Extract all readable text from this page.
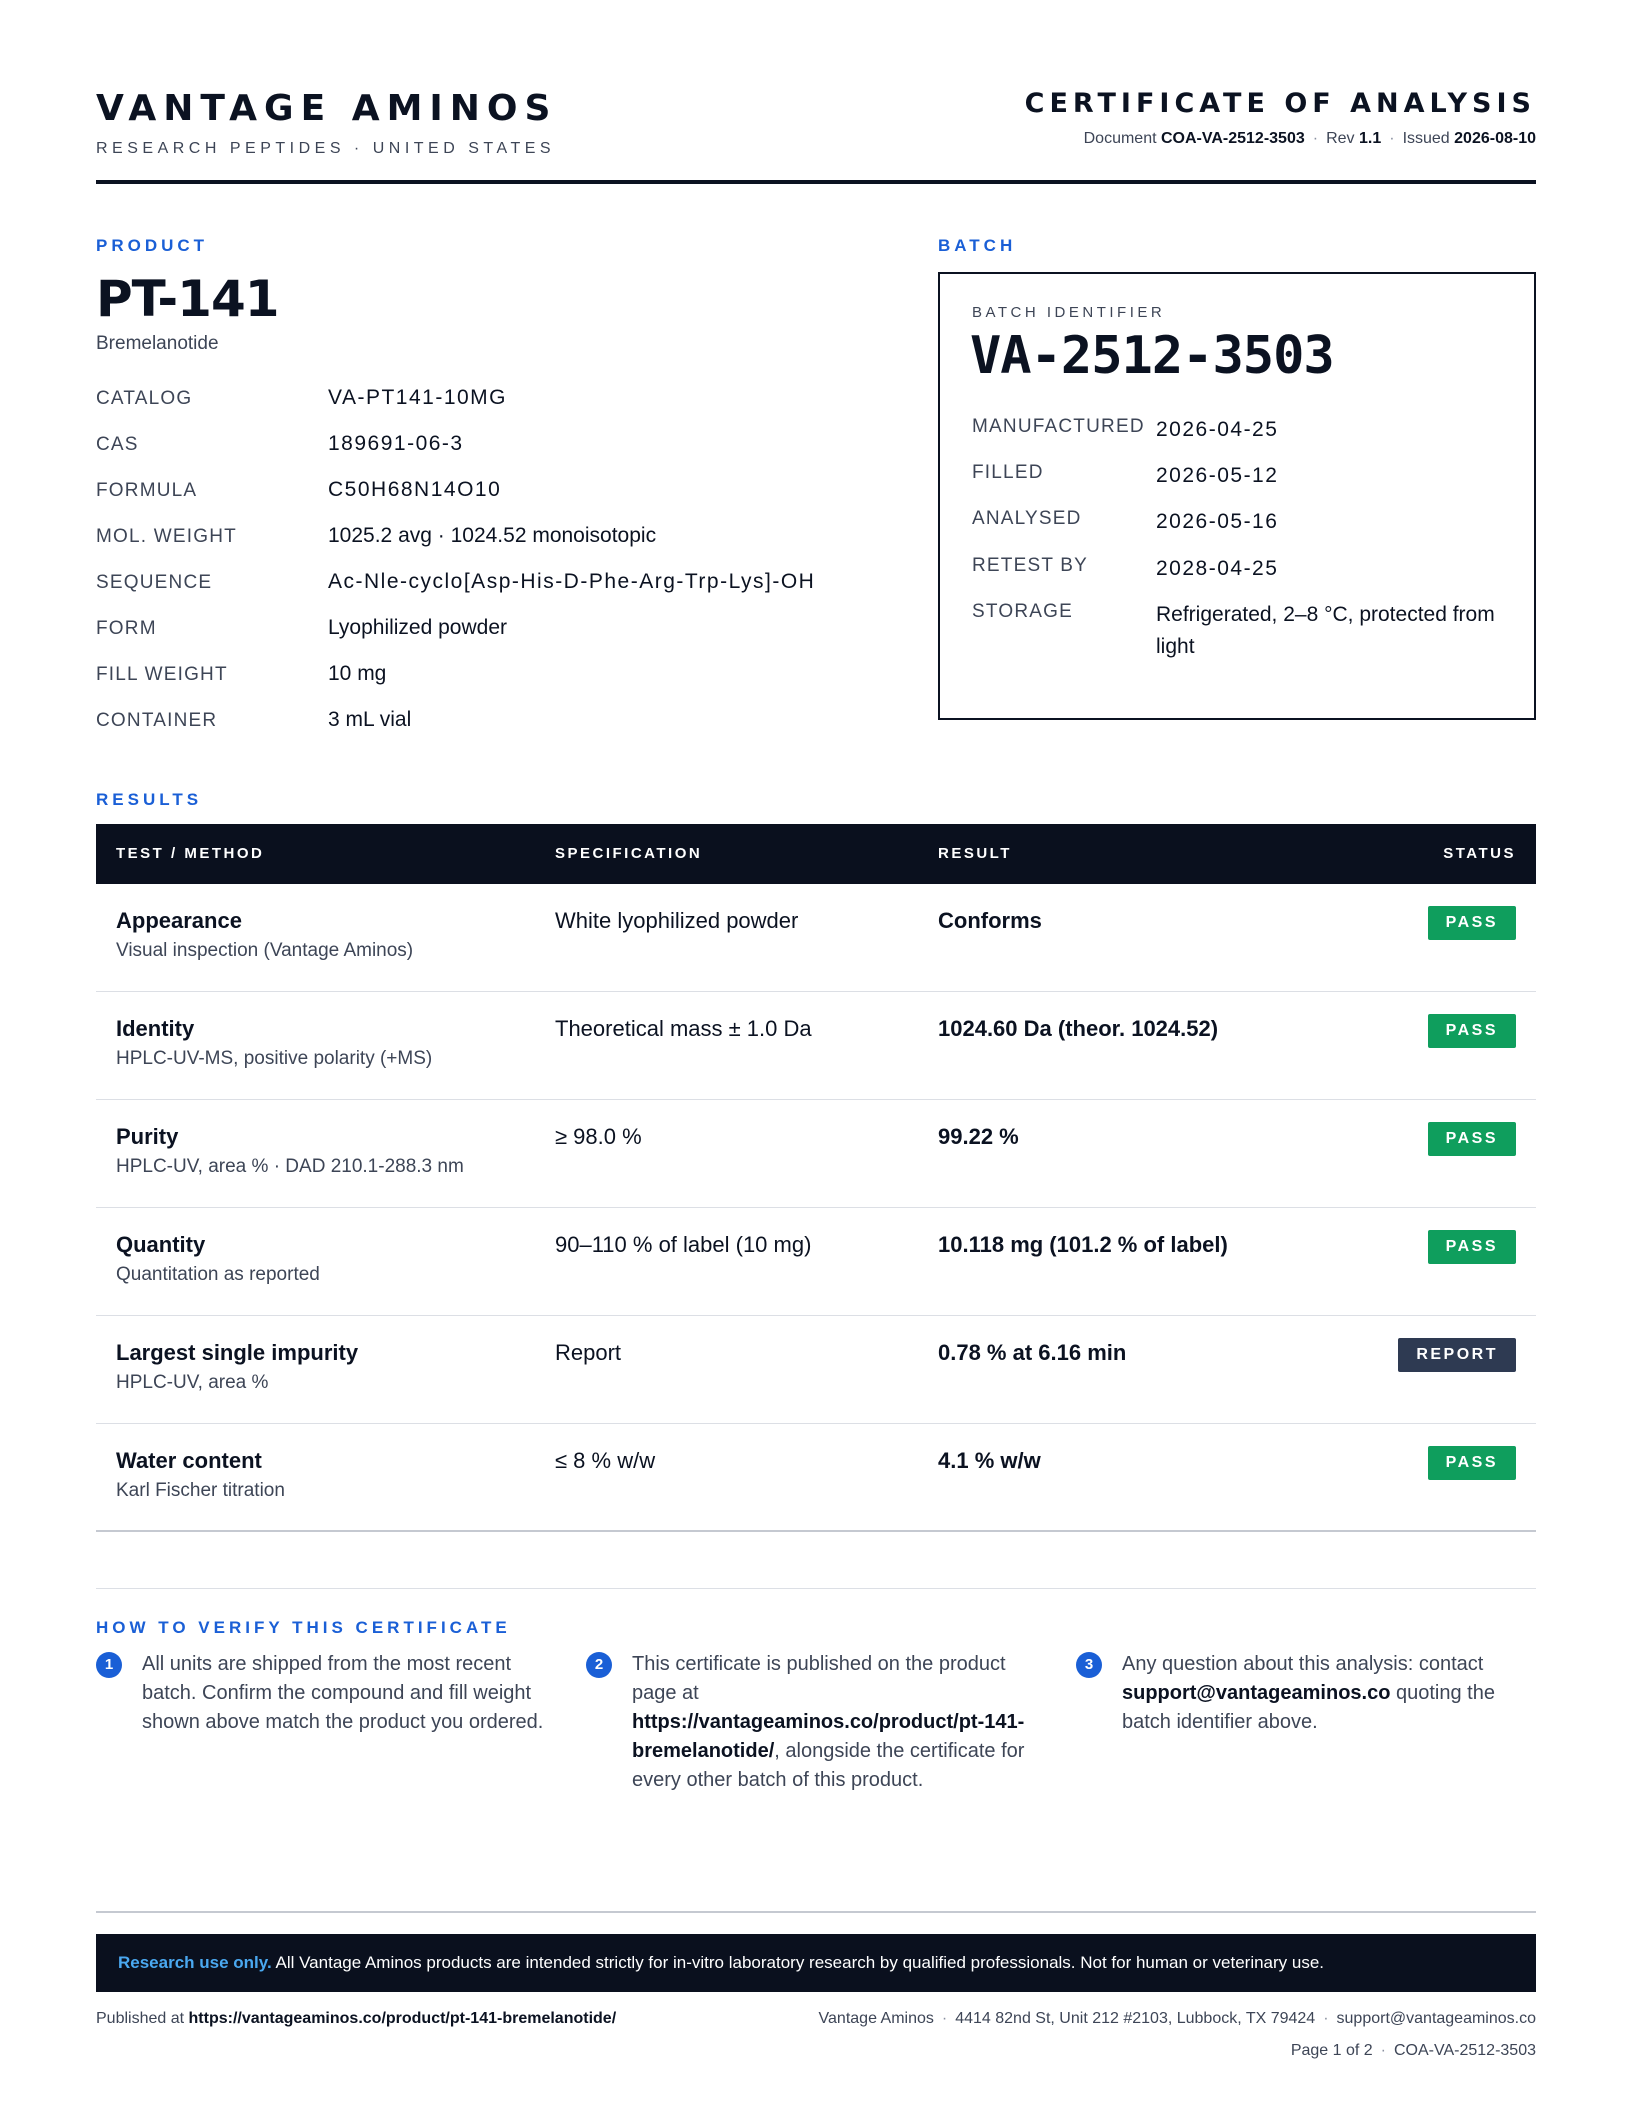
VANTAGE AMINOS
RESEARCH PEPTIDES · UNITED STATES
CERTIFICATE OF ANALYSIS
Document COA-VA-2512-3503 · Rev 1.1 · Issued 2026-08-10
PRODUCT
PT-141
Bremelanotide
CATALOG	VA-PT141-10MG
CAS	189691-06-3
FORMULA	C50H68N14O10
MOL. WEIGHT	1025.2 avg · 1024.52 monoisotopic
SEQUENCE	Ac-Nle-cyclo[Asp-His-D-Phe-Arg-Trp-Lys]-OH
FORM	Lyophilized powder
FILL WEIGHT	10 mg
CONTAINER	3 mL vial
BATCH
BATCH IDENTIFIER
VA-2512-3503
MANUFACTURED 2026-04-25
FILLED	2026-05-12
ANALYSED	2026-05-16
RETEST BY	2028-04-25
STORAGE	Refrigerated, 2–8 °C, protected from light
RESULTS
TEST / METHOD	SPECIFICATION	RESULT	STATUS
Appearance
Visual inspection (Vantage Aminos)
White lyophilized powder	Conforms	PASS
Identity
HPLC-UV-MS, positive polarity (+MS)
Theoretical mass ± 1.0 Da	1024.60 Da (theor. 1024.52)	PASS
Purity
HPLC-UV, area % · DAD 210.1-288.3 nm
≥ 98.0 %	99.22 %	PASS
Quantity
Quantitation as reported
90–110 % of label (10 mg)	10.118 mg (101.2 % of label)	PASS
Largest single impurity
HPLC-UV, area %
Report	0.78 % at 6.16 min	REPORT
Water content
Karl Fischer titration
≤ 8 % w/w	4.1 % w/w	PASS
HOW TO VERIFY THIS CERTIFICATE
1	All units are shipped from the most recent batch. Confirm the compound and fill weight shown above match the product you ordered.
2	This certificate is published on the product page at https://vantageaminos.co/product/pt-141-bremelanotide/, alongside the certificate for every other batch of this product.
3	Any question about this analysis: contact support@vantageaminos.co quoting the batch identifier above.
Research use only. All Vantage Aminos products are intended strictly for in-vitro laboratory research by qualified professionals. Not for human or veterinary use.
Published at https://vantageaminos.co/product/pt-141-bremelanotide/	Vantage Aminos · 4414 82nd St, Unit 212 #2103, Lubbock, TX 79424 · support@vantageaminos.co
Page 1 of 2 · COA-VA-2512-3503
